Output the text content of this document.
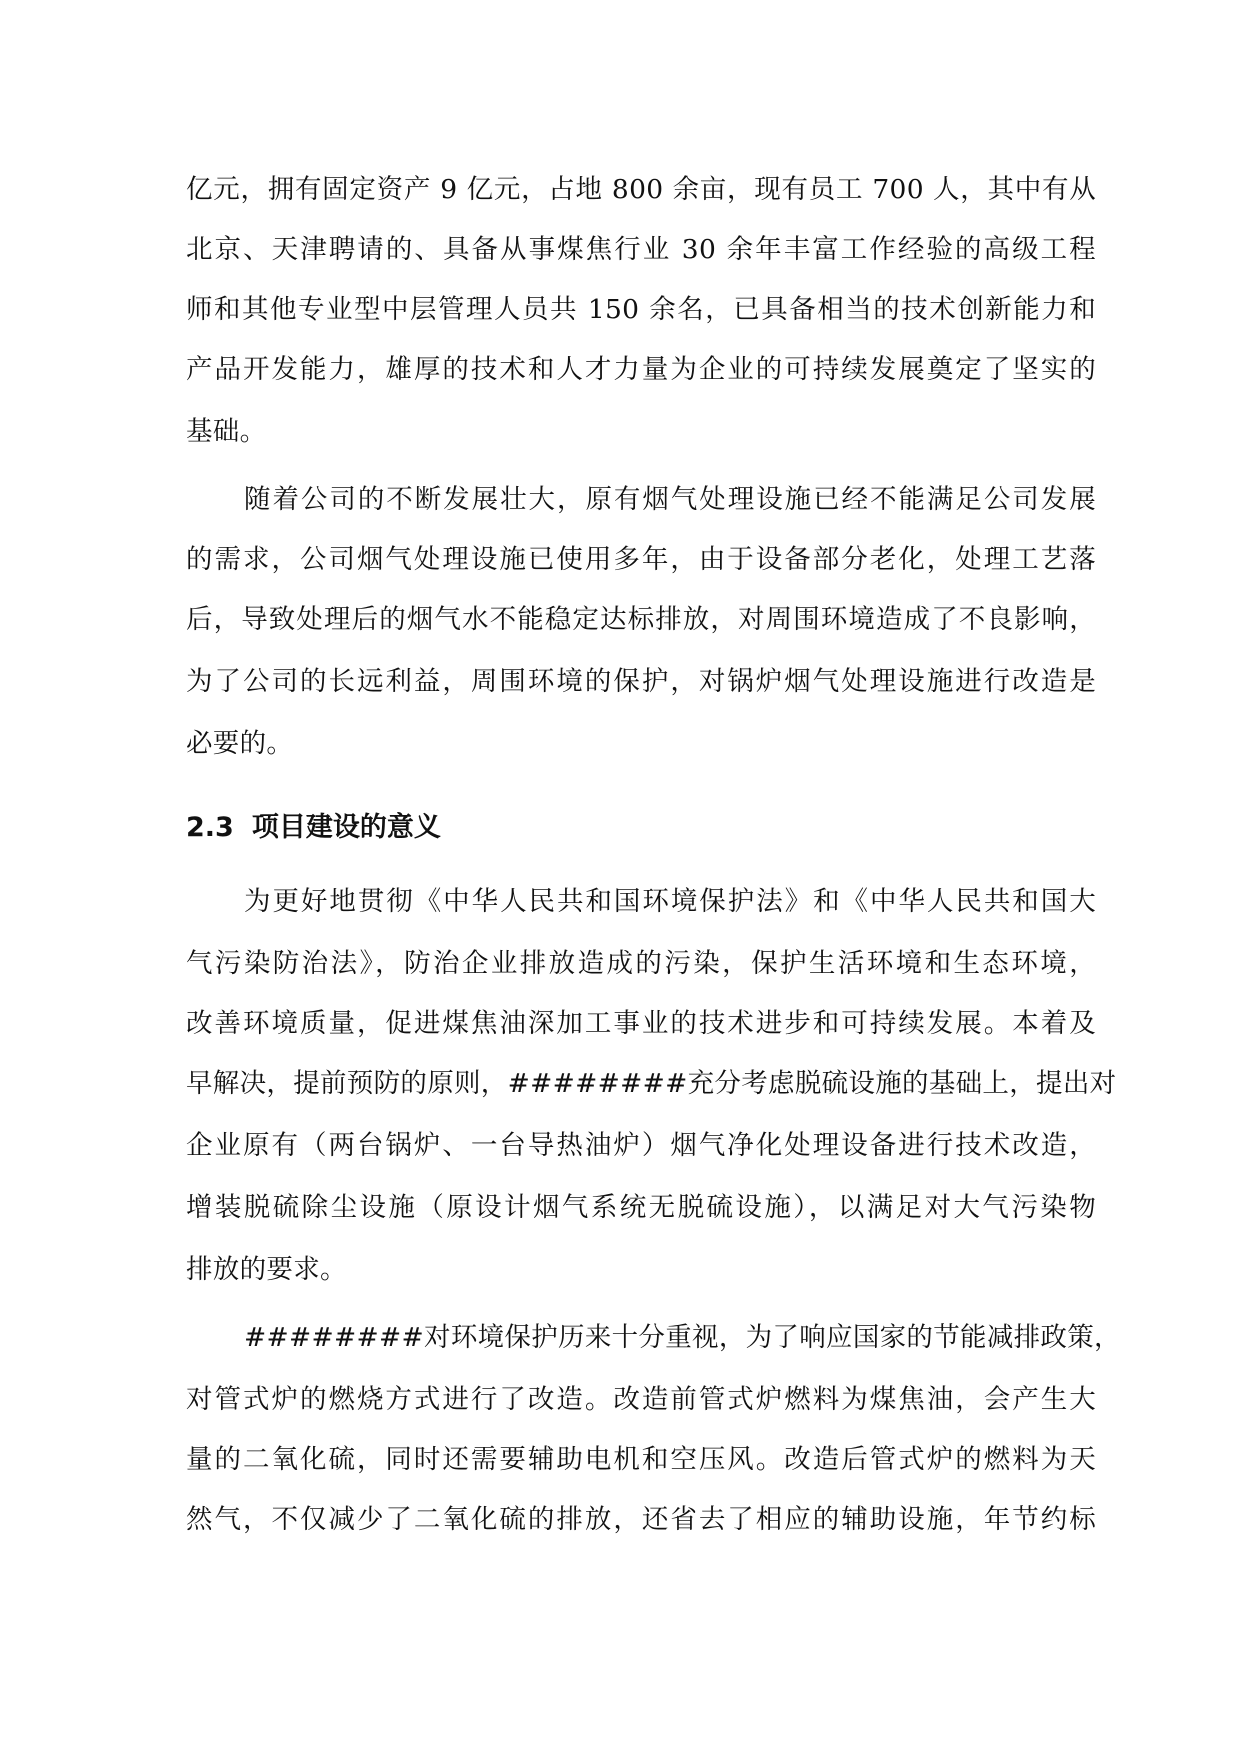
亿元，拥有固定资产 9 亿元，占地 800 余亩，现有员工 700 人，其中有从
北京、天津聘请的、具备从事煤焦行业 30 余年丰富工作经验的高级工程
师和其他专业型中层管理人员共 150 余名，已具备相当的技术创新能力和
产品开发能力，雄厚的技术和人才力量为企业的可持续发展奠定了坚实的
基础。
随着公司的不断发展壮大，原有烟气处理设施已经不能满足公司发展
的需求，公司烟气处理设施已使用多年，由于设备部分老化，处理工艺落
后，导致处理后的烟气水不能稳定达标排放，对周围环境造成了不良影响，
为了公司的长远利益，周围环境的保护，对锅炉烟气处理设施进行改造是
必要的。
2.3 项目建设的意义
为更好地贯彻《中华人民共和国环境保护法》和《中华人民共和国大
气污染防治法》，防治企业排放造成的污染，保护生活环境和生态环境，
改善环境质量，促进煤焦油深加工事业的技术进步和可持续发展。本着及
早解决，提前预防的原则，########充分考虑脱硫设施的基础上，提出对
企业原有（两台锅炉、一台导热油炉）烟气净化处理设备进行技术改造，
增装脱硫除尘设施（原设计烟气系统无脱硫设施），以满足对大气污染物
排放的要求。
########对环境保护历来十分重视，为了响应国家的节能减排政策，
对管式炉的燃烧方式进行了改造。改造前管式炉燃料为煤焦油，会产生大
量的二氧化硫，同时还需要辅助电机和空压风。改造后管式炉的燃料为天
然气，不仅减少了二氧化硫的排放，还省去了相应的辅助设施，年节约标
